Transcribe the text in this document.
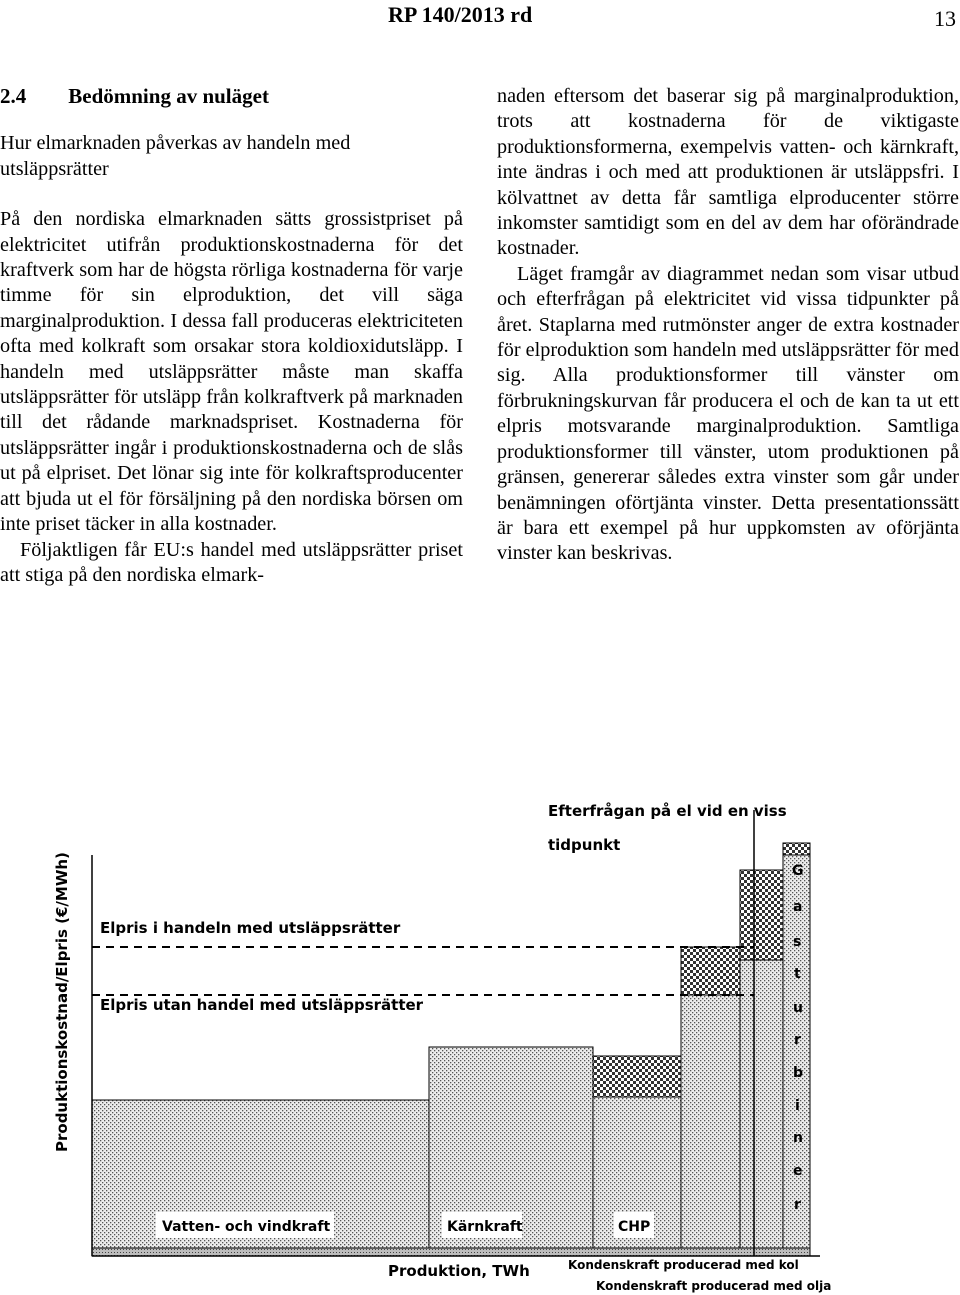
RP 140/2013 rd	13

2.4 Bedömning av nuläget

Hur elmarknaden påverkas av handeln med utsläppsrätter

På den nordiska elmarknaden sätts grossistpriset på elektricitet utifrån produktionskostnaderna för det kraftverk som har de högsta rörliga kostnaderna för varje timme för sin elproduktion, det vill säga marginalproduktion. I dessa fall produceras elektriciteten ofta med kolkraft som orsakar stora koldioxidutsläpp. I handeln med utsläppsrätter måste man skaffa utsläppsrätter för utsläpp från kolkraftverk på marknaden till det rådande marknadspriset. Kostnaderna för utsläppsrätter ingår i produktionskostnaderna och de slås ut på elpriset. Det lönar sig inte för kolkraftsproducenter att bjuda ut el för försäljning på den nordiska börsen om inte priset täcker in alla kostnader.

Följaktligen får EU:s handel med utsläppsrätter priset att stiga på den nordiska elmark-

naden eftersom det baserar sig på marginalproduktion, trots att kostnaderna för de viktigaste produktionsformerna, exempelvis vatten- och kärnkraft, inte ändras i och med att produktionen är utsläppsfri. I kölvattnet av detta får samtliga elproducenter större inkomster samtidigt som en del av dem har oförändrade kostnader.

Läget framgår av diagrammet nedan som visar utbud och efterfrågan på elektricitet vid vissa tidpunkter på året. Staplarna med rutmönster anger de extra kostnader för elproduktion som handeln med utsläppsrätter för med sig. Alla produktionsformer till vänster om förbrukningskurvan får producera el och de kan ta ut ett elpris motsvarande marginalproduktion. Samtliga produktionsformer till vänster, utom produktionen på gränsen, genererar således extra vinster som går under benämningen oförtjänta vinster. Detta presentationssätt är bara ett exempel på hur uppkomsten av oförjänta vinster kan beskrivas.

Produktionskostnad/Elpris (€/MWh)
Produktion, TWh
Elpris i handeln med utsläppsrätter
Elpris utan handel med utsläppsrätter
Efterfrågan på el vid en viss
tidpunkt
Vatten- och vindkraft	Kärnkraft	CHP
G
a
s
t
u
r
b
i
n
e
r
Kondenskraft producerad med kol
Kondenskraft producerad med olja
